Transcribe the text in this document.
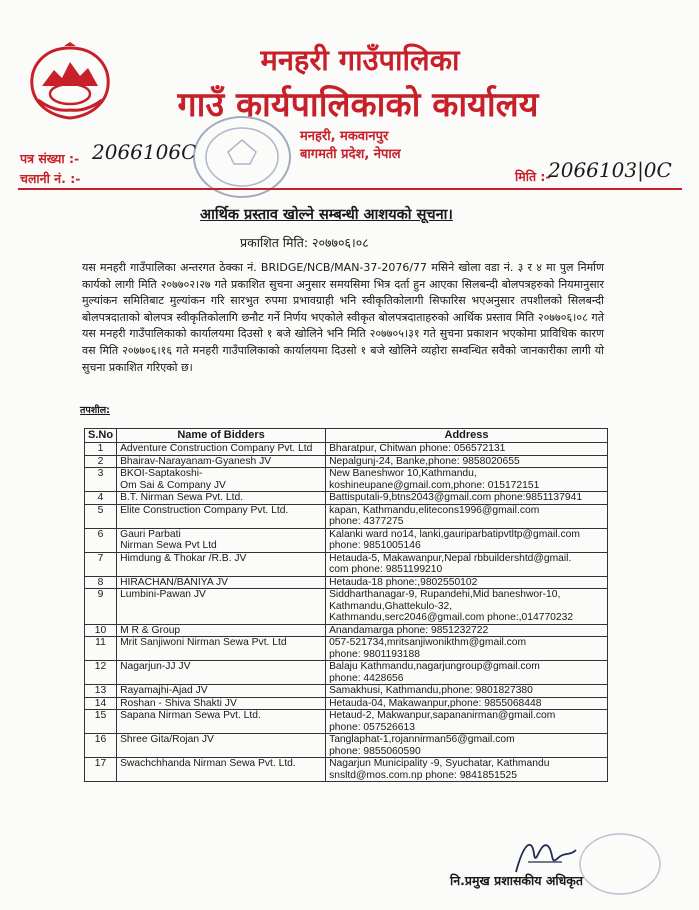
मनहरी गाउँपालिका
गाउँ कार्यपालिकाको कार्यालय
मनहरी, मकवानपुर
बागमती प्रदेश, नेपाल
पत्र संख्या :- 2066106C
चलानी नं. :-	मिति :-
2066103|0C
आर्थिक प्रस्ताव खोल्ने सम्बन्धी आशयको सूचना।
प्रकाशित मिति: २०७७०६।०८
यस मनहरी गाउँपालिका अन्तरगत ठेक्का नं. BRIDGE/NCB/MAN-37-2076/77 मसिने खोला वडा नं. ३ र ४ मा पुल निर्माण कार्यको लागी मिति २०७७०२।२७ गते प्रकाशित सुचना अनुसार समयसिमा भित्र दर्ता हुन आएका सिलबन्दी बोलपत्रहरुको नियमानुसार मुल्यांकन समितिबाट मुल्यांकन गरि सारभुत रुपमा प्रभावग्राही भनि स्वीकृतिकोलागी सिफारिस भएअनुसार तपशीलको सिलबन्दी बोलपत्रदाताको बोलपत्र स्वीकृतिकोलागि छनौट गर्ने निर्णय भएकोले स्वीकृत बोलपत्रदाताहरुको आर्थिक प्रस्ताव मिति २०७७०६।०८ गते यस मनहरी गाउँपालिकाको कार्यालयमा दिउसो १ बजे खोलिने भनि मिति २०७७०५।३१ गते सुचना प्रकाशन भएकोमा प्राविधिक कारण वस मिति २०७७०६।१६ गते मनहरी गाउँपालिकाको कार्यालयमा दिउसो १ बजे खोलिने व्यहोरा सम्वन्धित सवैको जानकारीका लागी यो सुचना प्रकाशित गरिएको छ।
तपशील:
S.No	Name of Bidders	Address
1	Adventure Construction Company Pvt. Ltd	Bharatpur, Chitwan phone: 056572131
2	Bhairav-Narayanam-Gyanesh JV	Nepalgunj-24, Banke,phone: 9858020655
3	BKOI-Saptakoshi-
Om Sai & Company JV	New Baneshwor 10,Kathmandu,
koshineupane@gmail.com,phone: 015172151
4	B.T. Nirman Sewa Pvt. Ltd.	Battisputali-9,btns2043@gmail.com phone:9851137941
5	Elite Construction Company Pvt. Ltd.	kapan, Kathmandu,elitecons1996@gmail.com
phone: 4377275
6	Gauri Parbati
Nirman Sewa Pvt Ltd	Kalanki ward no14, lanki,gauriparbatipvtltp@gmail.com
phone: 9851005146
7	Himdung & Thokar /R.B. JV	Hetauda-5, Makawanpur,Nepal rbbuildershtd@gmail.
com phone: 9851199210
8	HIRACHAN/BANIYA JV	Hetauda-18 phone:,9802550102
9	Lumbini-Pawan JV	Siddharthanagar-9, Rupandehi,Mid baneshwor-10,
Kathmandu,Ghattekulo-32,
Kathmandu,serc2046@gmail.com phone:,014770232
10	M R & Group	Anandamarga phone: 9851232722
11	Mrit Sanjiwoni Nirman Sewa Pvt. Ltd	057-521734,mritsanjiwonikthm@gmail.com
phone: 9801193188
12	Nagarjun-JJ JV	Balaju Kathmandu,nagarjungroup@gmail.com
phone: 4428656
13	Rayamajhi-Ajad JV	Samakhusi, Kathmandu,phone: 9801827380
14	Roshan - Shiva Shakti JV	Hetauda-04, Makawanpur,phone: 9855068448
15	Sapana Nirman Sewa Pvt. Ltd.	Hetaud-2, Makwanpur,sapananirman@gmail.com
phone: 057526613
16	Shree Gita/Rojan JV	Tanglaphat-1,rojannirman56@gmail.com
phone: 9855060590
17	Swachchhanda Nirman Sewa Pvt. Ltd.	Nagarjun Municipality -9, Syuchatar, Kathmandu
snsltd@mos.com.np phone: 9841851525
नि.प्रमुख प्रशासकीय अधिकृत
